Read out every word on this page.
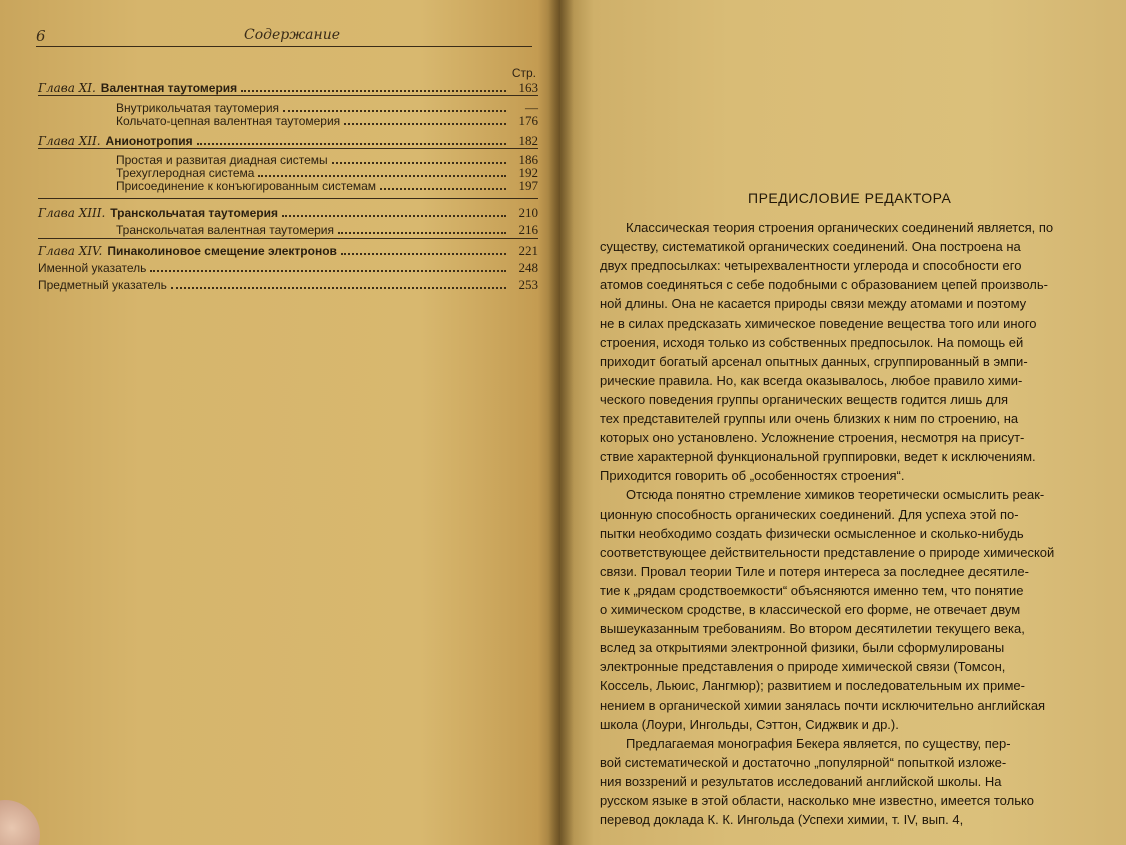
6	Содержание
Стр.
Глава XI. Валентная таутомерия	163
Внутрикольчатая таутомерия	—
Кольчато-цепная валентная таутомерия	176
Глава XII. Анионотропия	182
Простая и развитая диадная системы	186
Трехуглеродная система	192
Присоединение к конъюгированным системам	197
Глава XIII. Транскольчатая таутомерия	210
Транскольчатая валентная таутомерия	216
Глава XIV. Пинаколиновое смещение электронов	221
Именной указатель	248
Предметный указатель	253
ПРЕДИСЛОВИЕ РЕДАКТОРА
Классическая теория строения органических соединений является, по
существу, систематикой органических соединений. Она построена на
двух предпосылках: четырехвалентности углерода и способности его
атомов соединяться с себе подобными с образованием цепей произволь-
ной длины. Она не касается природы связи между атомами и поэтому
не в силах предсказать химическое поведение вещества того или иного
строения, исходя только из собственных предпосылок. На помощь ей
приходит богатый арсенал опытных данных, сгруппированный в эмпи-
рические правила. Но, как всегда оказывалось, любое правило хими-
ческого поведения группы органических веществ годится лишь для
тех представителей группы или очень близких к ним по строению, на
которых оно установлено. Усложнение строения, несмотря на присут-
ствие характерной функциональной группировки, ведет к исключениям.
Приходится говорить об „особенностях строения“.
Отсюда понятно стремление химиков теоретически осмыслить реак-
ционную способность органических соединений. Для успеха этой по-
пытки необходимо создать физически осмысленное и сколько-нибудь
соответствующее действительности представление о природе химической
связи. Провал теории Тиле и потеря интереса за последнее десятиле-
тие к „рядам сродствоемкости“ объясняются именно тем, что понятие
о химическом сродстве, в классической его форме, не отвечает двум
вышеуказанным требованиям. Во втором десятилетии текущего века,
вслед за открытиями электронной физики, были сформулированы
электронные представления о природе химической связи (Томсон,
Коссель, Льюис, Лангмюр); развитием и последовательным их приме-
нением в органической химии занялась почти исключительно английская
школа (Лоури, Ингольды, Сэттон, Сиджвик и др.).
Предлагаемая монография Бекера является, по существу, пер-
вой систематической и достаточно „популярной“ попыткой изложе-
ния воззрений и результатов исследований английской школы. На
русском языке в этой области, насколько мне известно, имеется только
перевод доклада К. К. Ингольда (Успехи химии, т. IV, вып. 4,
